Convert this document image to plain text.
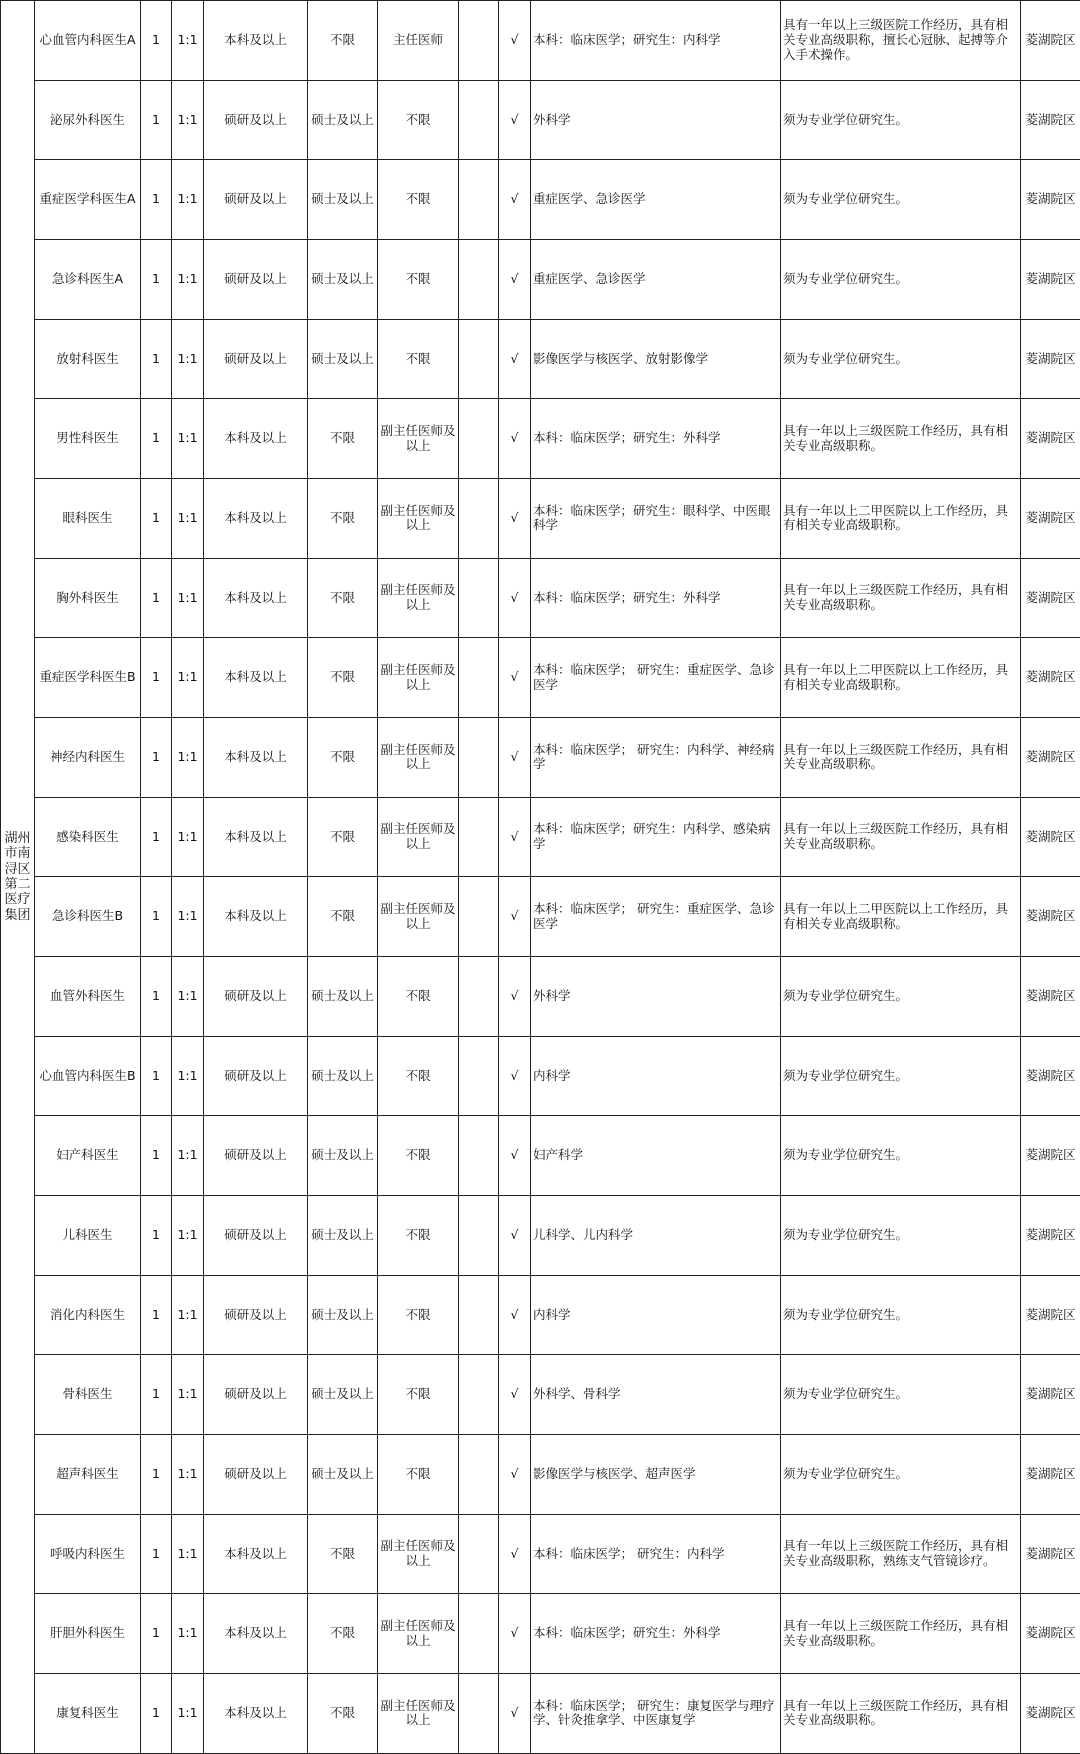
湖州市南浔区第二医疗集团	心血管内科医生A	1	1:1	本科及以上	不限	主任医师		√	本科：临床医学；研究生：内科学	具有一年以上三级医院工作经历，具有相关专业高级职称，擅长心冠脉、起搏等介入手术操作。	菱湖院区
	泌尿外科医生	1	1:1	硕研及以上	硕士及以上	不限		√	外科学	须为专业学位研究生。	菱湖院区
	重症医学科医生A	1	1:1	硕研及以上	硕士及以上	不限		√	重症医学、急诊医学	须为专业学位研究生。	菱湖院区
	急诊科医生A	1	1:1	硕研及以上	硕士及以上	不限		√	重症医学、急诊医学	须为专业学位研究生。	菱湖院区
	放射科医生	1	1:1	硕研及以上	硕士及以上	不限		√	影像医学与核医学、放射影像学	须为专业学位研究生。	菱湖院区
	男性科医生	1	1:1	本科及以上	不限	副主任医师及以上		√	本科：临床医学；研究生：外科学	具有一年以上三级医院工作经历，具有相关专业高级职称。	菱湖院区
	眼科医生	1	1:1	本科及以上	不限	副主任医师及以上		√	本科：临床医学；研究生：眼科学、中医眼科学	具有一年以上二甲医院以上工作经历，具有相关专业高级职称。	菱湖院区
	胸外科医生	1	1:1	本科及以上	不限	副主任医师及以上		√	本科：临床医学；研究生：外科学	具有一年以上三级医院工作经历，具有相关专业高级职称。	菱湖院区
	重症医学科医生B	1	1:1	本科及以上	不限	副主任医师及以上		√	本科：临床医学； 研究生：重症医学、急诊医学	具有一年以上二甲医院以上工作经历，具有相关专业高级职称。	菱湖院区
	神经内科医生	1	1:1	本科及以上	不限	副主任医师及以上		√	本科：临床医学； 研究生：内科学、神经病学	具有一年以上三级医院工作经历，具有相关专业高级职称。	菱湖院区
	感染科医生	1	1:1	本科及以上	不限	副主任医师及以上		√	本科：临床医学；研究生：内科学、感染病学	具有一年以上三级医院工作经历，具有相关专业高级职称。	菱湖院区
	急诊科医生B	1	1:1	本科及以上	不限	副主任医师及以上		√	本科：临床医学； 研究生：重症医学、急诊医学	具有一年以上二甲医院以上工作经历，具有相关专业高级职称。	菱湖院区
	血管外科医生	1	1:1	硕研及以上	硕士及以上	不限		√	外科学	须为专业学位研究生。	菱湖院区
	心血管内科医生B	1	1:1	硕研及以上	硕士及以上	不限		√	内科学	须为专业学位研究生。	菱湖院区
	妇产科医生	1	1:1	硕研及以上	硕士及以上	不限		√	妇产科学	须为专业学位研究生。	菱湖院区
	儿科医生	1	1:1	硕研及以上	硕士及以上	不限		√	儿科学、儿内科学	须为专业学位研究生。	菱湖院区
	消化内科医生	1	1:1	硕研及以上	硕士及以上	不限		√	内科学	须为专业学位研究生。	菱湖院区
	骨科医生	1	1:1	硕研及以上	硕士及以上	不限		√	外科学、骨科学	须为专业学位研究生。	菱湖院区
	超声科医生	1	1:1	硕研及以上	硕士及以上	不限		√	影像医学与核医学、超声医学	须为专业学位研究生。	菱湖院区
	呼吸内科医生	1	1:1	本科及以上	不限	副主任医师及以上		√	本科：临床医学； 研究生：内科学	具有一年以上三级医院工作经历，具有相关专业高级职称，熟练支气管镜诊疗。	菱湖院区
	肝胆外科医生	1	1:1	本科及以上	不限	副主任医师及以上		√	本科：临床医学；研究生：外科学	具有一年以上三级医院工作经历，具有相关专业高级职称。	菱湖院区
	康复科医生	1	1:1	本科及以上	不限	副主任医师及以上		√	本科：临床医学； 研究生：康复医学与理疗学、针灸推拿学、中医康复学	具有一年以上三级医院工作经历，具有相关专业高级职称。	菱湖院区
